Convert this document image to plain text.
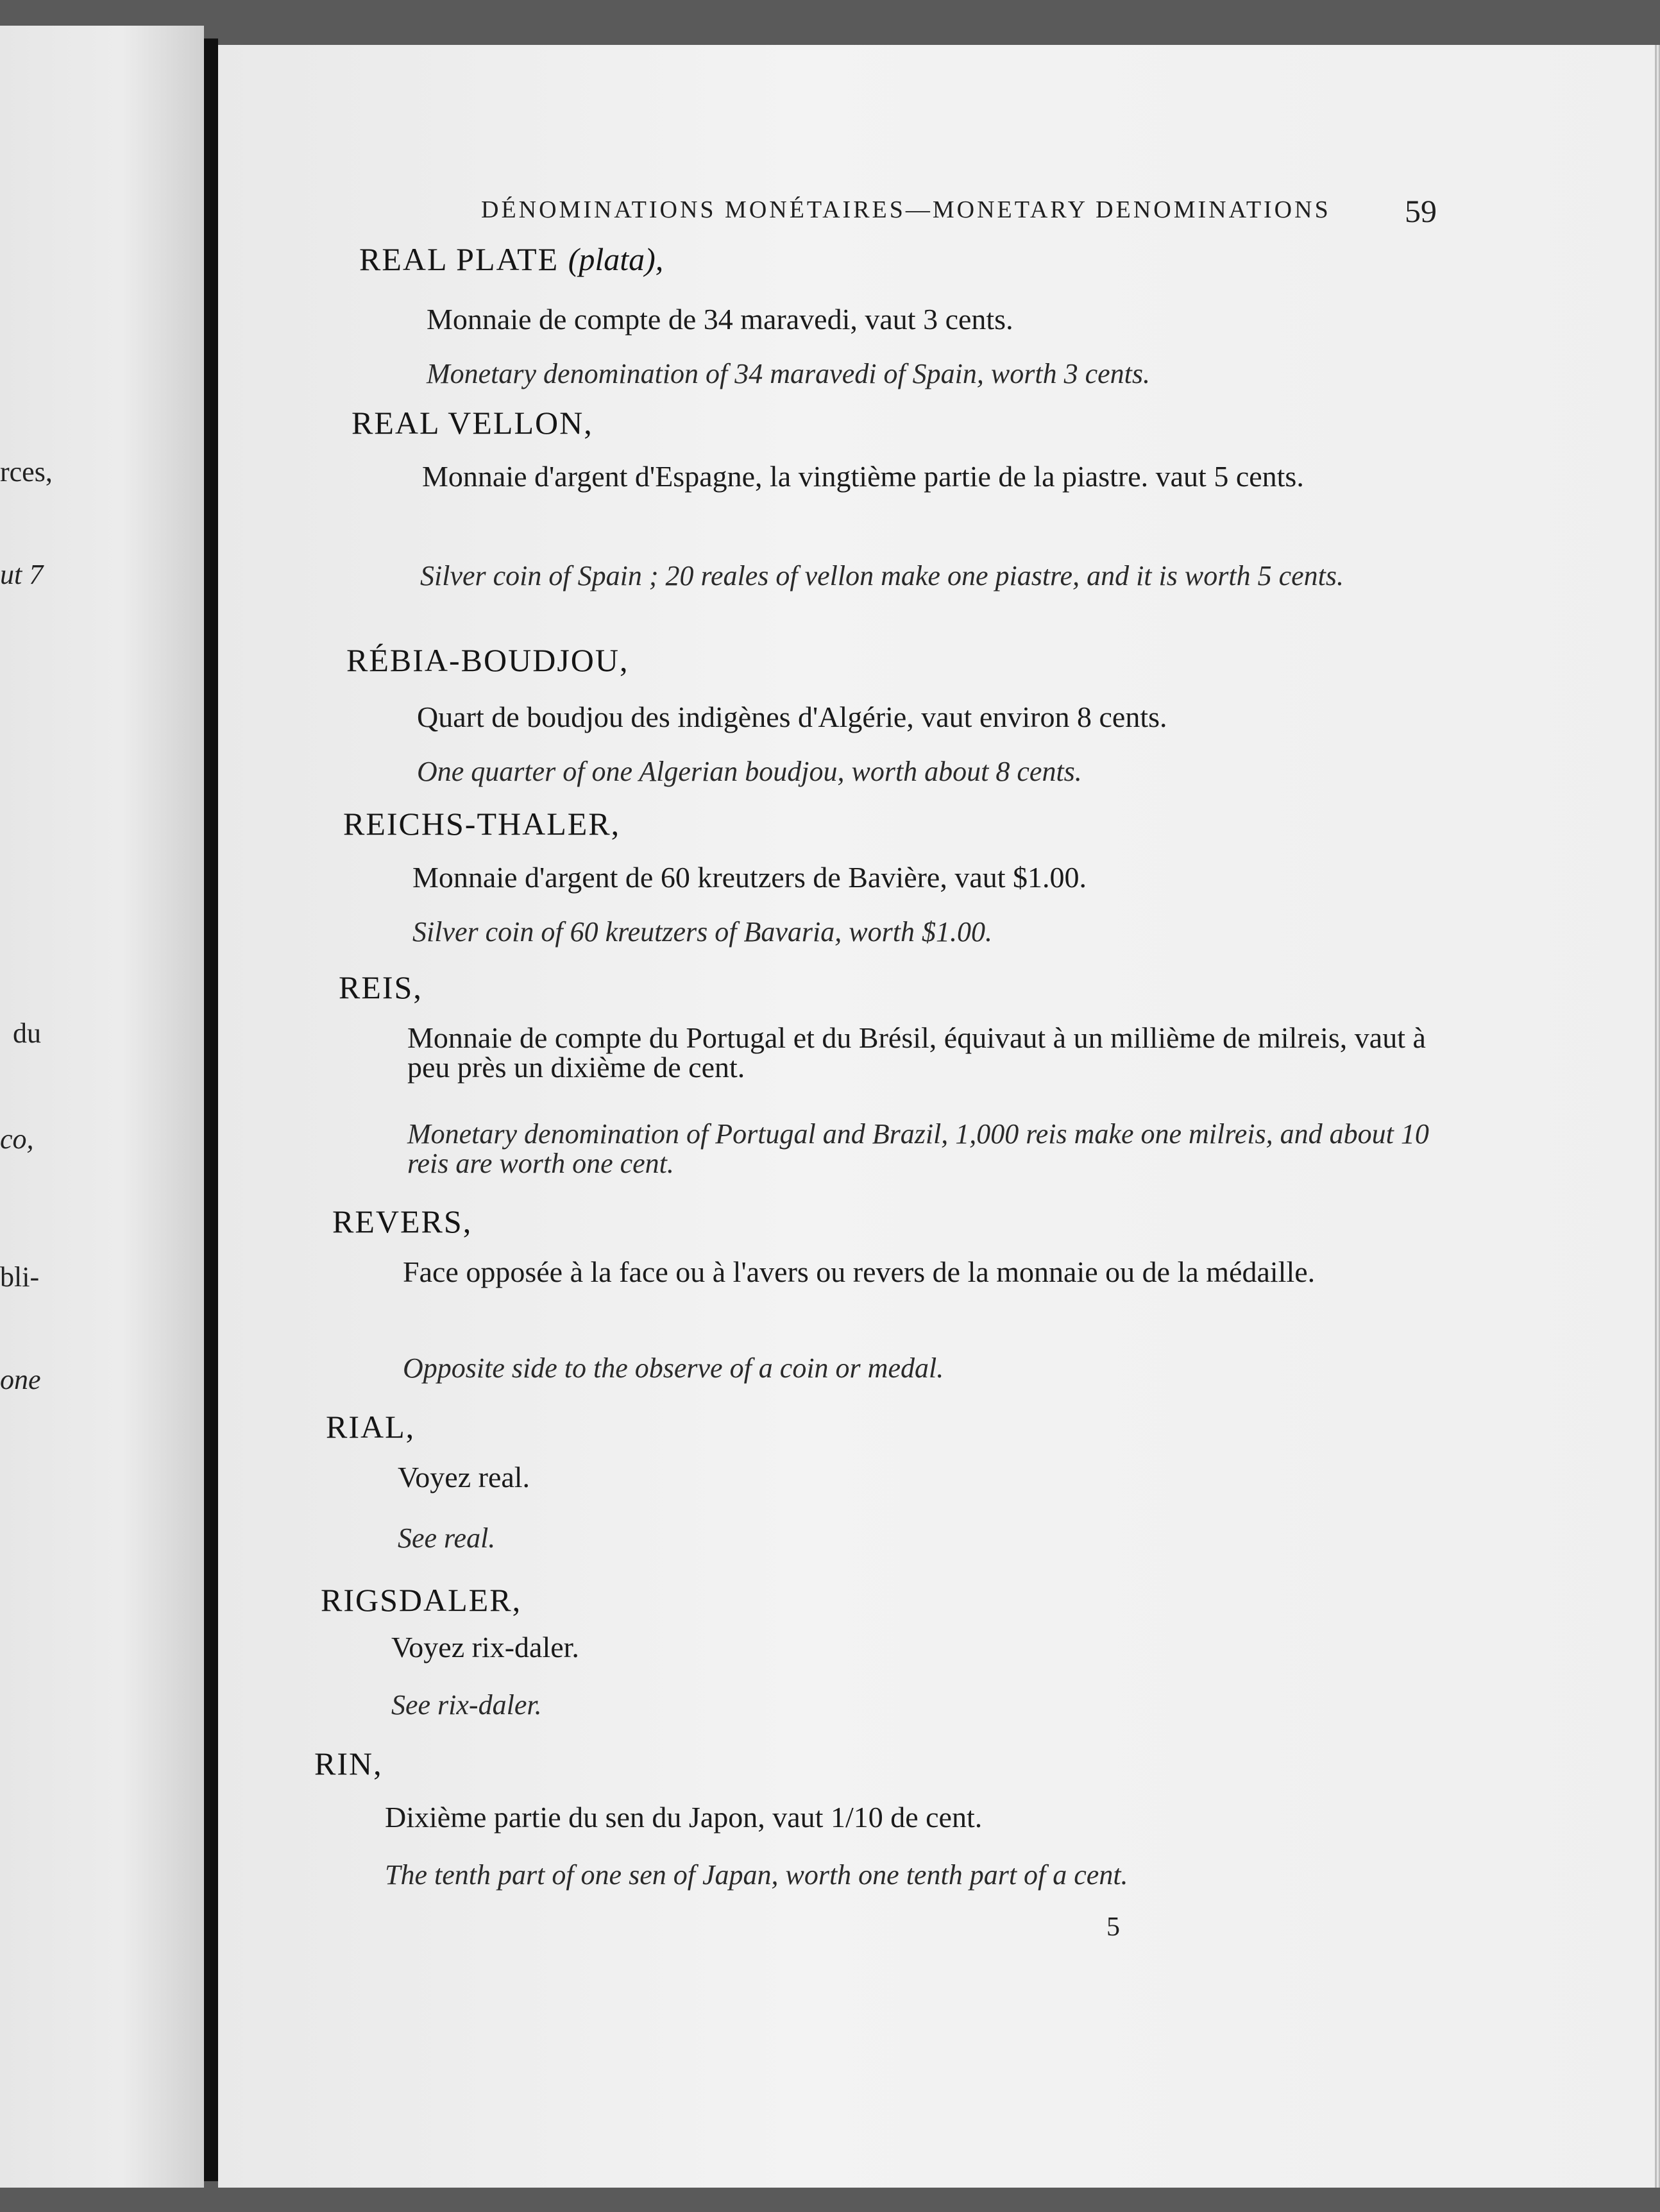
rces,
ut 7
du
co,
bli-
one
DÉNOMINATIONS MONÉTAIRES—MONETARY DENOMINATIONS	59
REAL PLATE (plata),
Monnaie de compte de 34 maravedi, vaut 3 cents.
Monetary denomination of 34 maravedi of Spain, worth 3 cents.
REAL VELLON,
Monnaie d'argent d'Espagne, la vingtième partie de la piastre. vaut 5 cents.
Silver coin of Spain ; 20 reales of vellon make one piastre, and it is worth 5 cents.
RÉBIA-BOUDJOU,
Quart de boudjou des indigènes d'Algérie, vaut environ 8 cents.
One quarter of one Algerian boudjou, worth about 8 cents.
REICHS-THALER,
Monnaie d'argent de 60 kreutzers de Bavière, vaut $1.00.
Silver coin of 60 kreutzers of Bavaria, worth $1.00.
REIS,
Monnaie de compte du Portugal et du Brésil, équivaut à un millième de milreis, vaut à peu près un dixième de cent.
Monetary denomination of Portugal and Brazil, 1,000 reis make one milreis, and about 10 reis are worth one cent.
REVERS,
Face opposée à la face ou à l'avers ou revers de la monnaie ou de la médaille.
Opposite side to the observe of a coin or medal.
RIAL,
Voyez real.
See real.
RIGSDALER,
Voyez rix-daler.
See rix-daler.
RIN,
Dixième partie du sen du Japon, vaut 1/10 de cent.
The tenth part of one sen of Japan, worth one tenth part of a cent.
5
